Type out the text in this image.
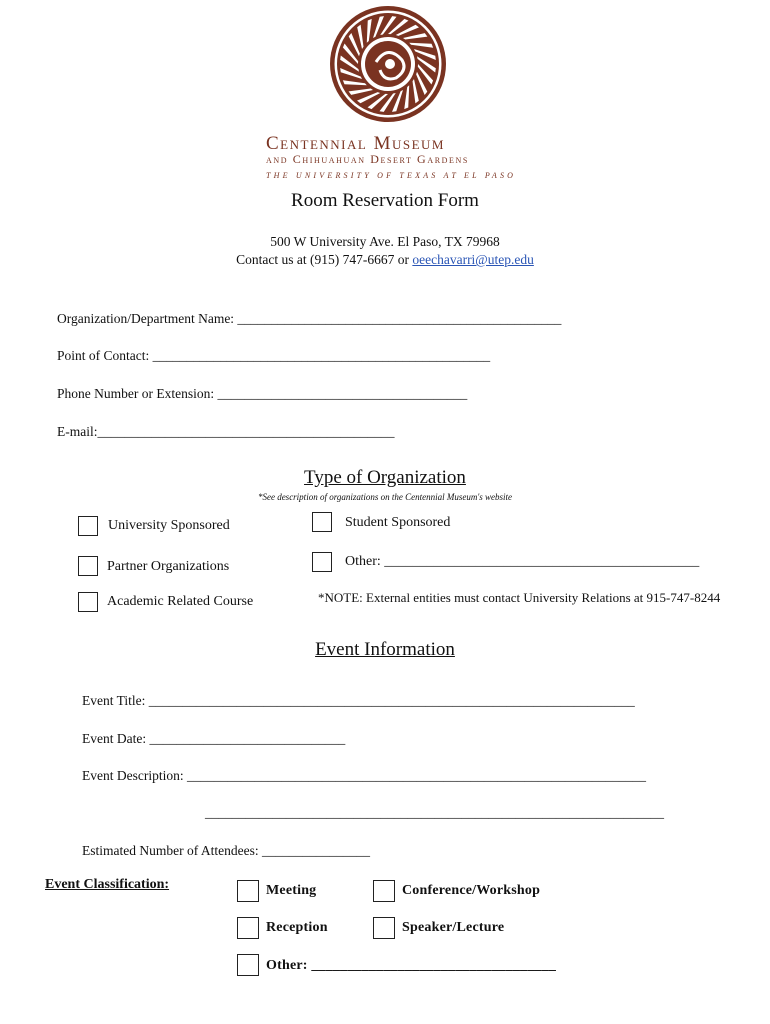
Centennial Museum
and Chihuahuan Desert Gardens
THE UNIVERSITY OF TEXAS AT EL PASO
Room Reservation Form
500 W University Ave. El Paso, TX 79968
Contact us at (915) 747-6667 or oeechavarri@utep.edu
Organization/Department Name: ________________________________________________
Point of Contact: __________________________________________________
Phone Number or Extension: _____________________________________
E-mail:____________________________________________
Type of Organization
*See description of organizations on the Centennial Museum's website
University Sponsored	Student Sponsored
Partner Organizations	Other: _____________________________________________
Academic Related Course	*NOTE: External entities must contact University Relations at 915-747-8244
Event Information
Event Title: ________________________________________________________________________
Event Date: _____________________________
Event Description: ____________________________________________________________________
____________________________________________________________________
Estimated Number of Attendees: ________________
Event Classification:	Meeting	Conference/Workshop
Reception	Speaker/Lecture
Other: __________________________________
